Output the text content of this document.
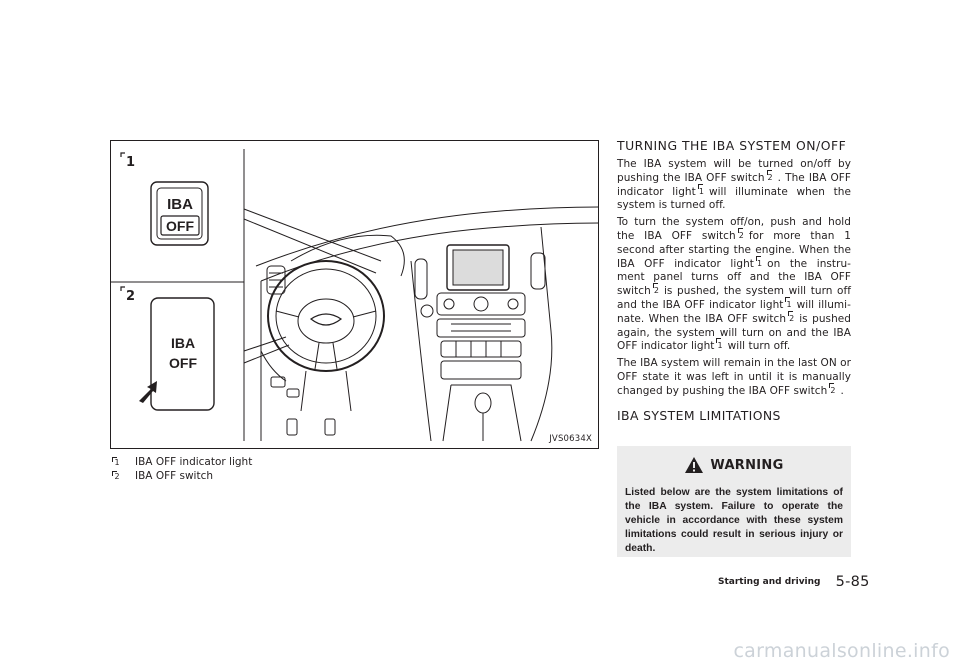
1
IBA
OFF
2
IBA
OFF
JVS0634X
1 IBA OFF indicator light
2 IBA OFF switch
TURNING THE IBA SYSTEM ON/OFF

The IBA system will be turned on/off by pushing the IBA OFF switch 2 . The IBA OFF indicator light 1 will illuminate when the system is turned off.

To turn the system off/on, push and hold the IBA OFF switch 2 for more than 1 second after starting the engine. When the IBA OFF indicator light 1 on the instru- ment panel turns off and the IBA OFF switch 2 is pushed, the system will turn off and the IBA OFF indicator light 1 will illumi- nate. When the IBA OFF switch 2 is pushed again, the system will turn on and the IBA OFF indicator light 1 will turn off.

The IBA system will remain in the last ON or OFF state it was left in until it is manually changed by pushing the IBA OFF switch 2 .

IBA SYSTEM LIMITATIONS
WARNING
Listed below are the system limitations of the IBA system. Failure to operate the vehicle in accordance with these system limitations could result in serious injury or death.
Starting and driving 5-85
carmanualsonline.info
